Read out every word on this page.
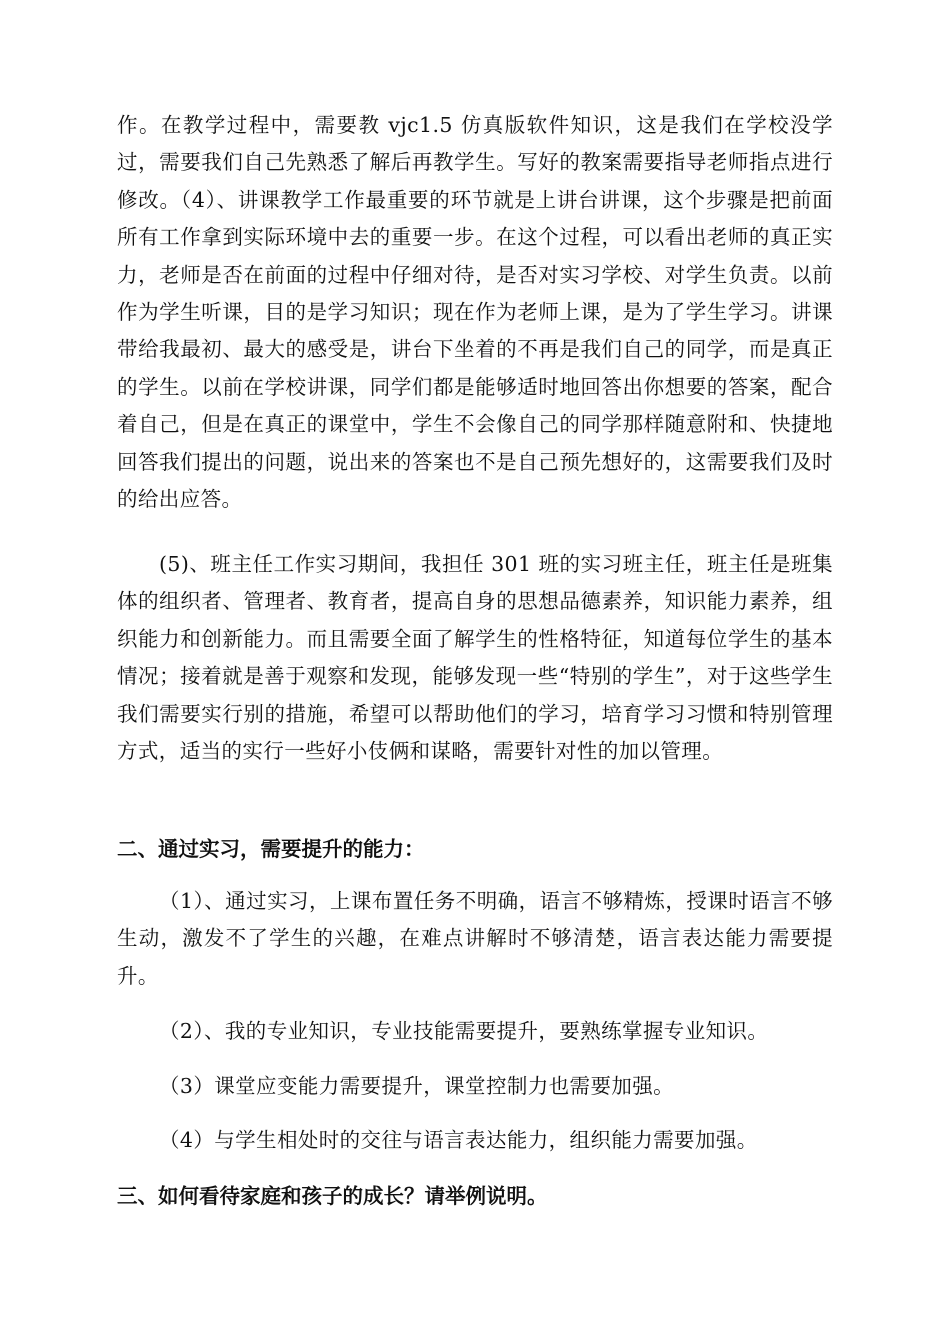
作。在教学过程中，需要教 vjc1.5 仿真版软件知识，这是我们在学校没学过，需要我们自己先熟悉了解后再教学生。写好的教案需要指导老师指点进行修改。（4）、讲课教学工作最重要的环节就是上讲台讲课，这个步骤是把前面所有工作拿到实际环境中去的重要一步。在这个过程，可以看出老师的真正实力，老师是否在前面的过程中仔细对待，是否对实习学校、对学生负责。以前作为学生听课，目的是学习知识；现在作为老师上课，是为了学生学习。讲课带给我最初、最大的感受是，讲台下坐着的不再是我们自己的同学，而是真正的学生。以前在学校讲课，同学们都是能够适时地回答出你想要的答案，配合着自己，但是在真正的课堂中，学生不会像自己的同学那样随意附和、快捷地回答我们提出的问题，说出来的答案也不是自己预先想好的，这需要我们及时的给出应答。

(5)、班主任工作实习期间，我担任 301 班的实习班主任，班主任是班集体的组织者、管理者、教育者，提高自身的思想品德素养，知识能力素养，组织能力和创新能力。而且需要全面了解学生的性格特征，知道每位学生的基本情况；接着就是善于观察和发现，能够发现一些“特别的学生”，对于这些学生我们需要实行别的措施，希望可以帮助他们的学习，培育学习习惯和特别管理方式，适当的实行一些好小伎俩和谋略，需要针对性的加以管理。

二、通过实习，需要提升的能力：

（1）、通过实习，上课布置任务不明确，语言不够精炼，授课时语言不够生动，激发不了学生的兴趣，在难点讲解时不够清楚，语言表达能力需要提升。

（2）、我的专业知识，专业技能需要提升，要熟练掌握专业知识。

（3）课堂应变能力需要提升，课堂控制力也需要加强。

（4）与学生相处时的交往与语言表达能力，组织能力需要加强。

三、如何看待家庭和孩子的成长？请举例说明。
